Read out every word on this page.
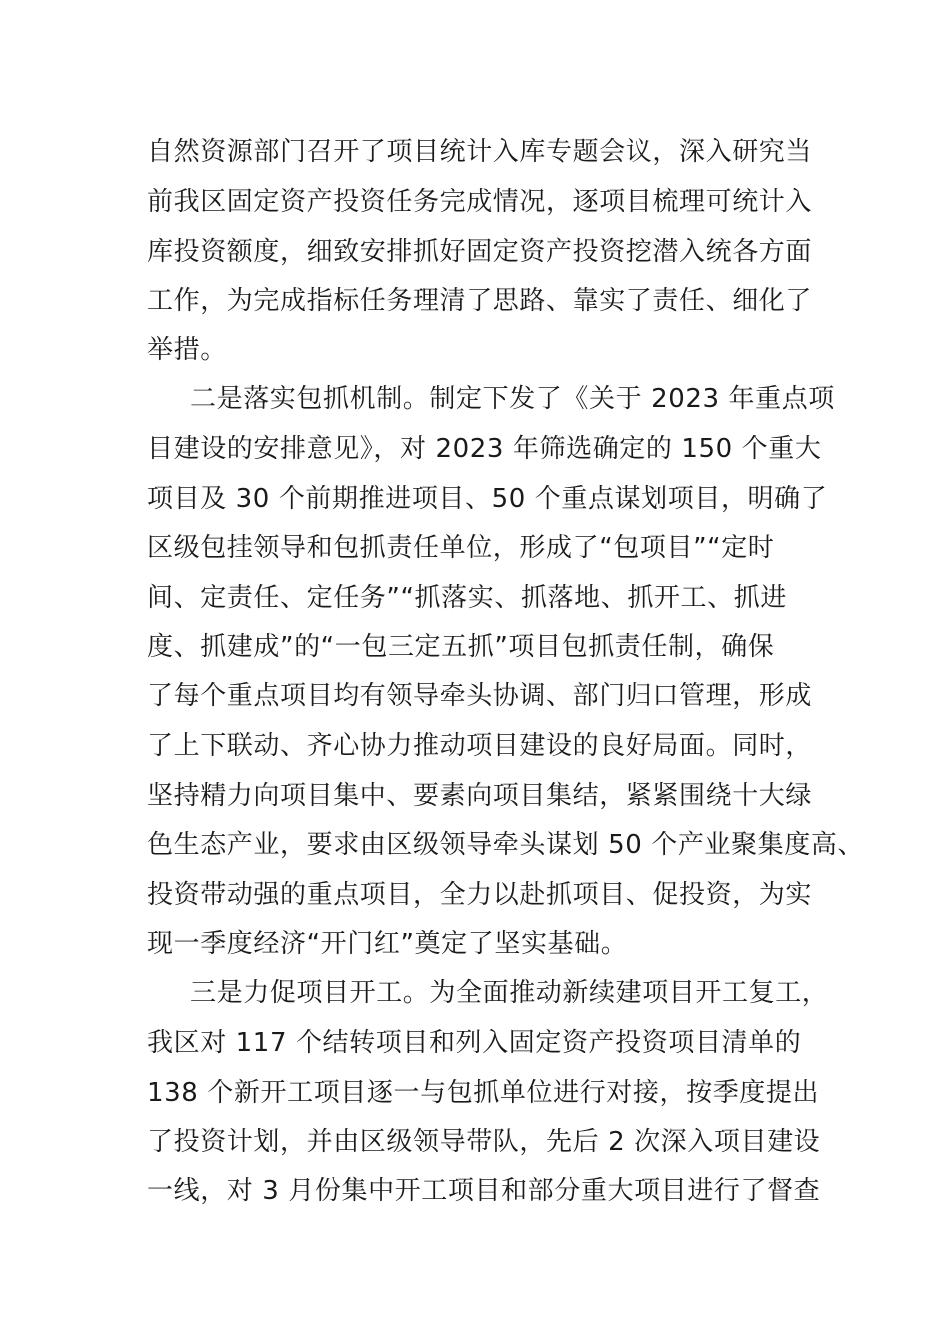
自然资源部门召开了项目统计入库专题会议，深入研究当
前我区固定资产投资任务完成情况，逐项目梳理可统计入
库投资额度，细致安排抓好固定资产投资挖潜入统各方面
工作，为完成指标任务理清了思路、靠实了责任、细化了
举措。
二是落实包抓机制。制定下发了《关于 2023 年重点项
目建设的安排意见》，对 2023 年筛选确定的 150 个重大
项目及 30 个前期推进项目、50 个重点谋划项目，明确了
区级包挂领导和包抓责任单位，形成了“包项目”“定时
间、定责任、定任务”“抓落实、抓落地、抓开工、抓进
度、抓建成”的“一包三定五抓”项目包抓责任制，确保
了每个重点项目均有领导牵头协调、部门归口管理，形成
了上下联动、齐心协力推动项目建设的良好局面。同时，
坚持精力向项目集中、要素向项目集结，紧紧围绕十大绿
色生态产业，要求由区级领导牵头谋划 50 个产业聚集度高、
投资带动强的重点项目，全力以赴抓项目、促投资，为实
现一季度经济“开门红”奠定了坚实基础。
三是力促项目开工。为全面推动新续建项目开工复工，
我区对 117 个结转项目和列入固定资产投资项目清单的
138 个新开工项目逐一与包抓单位进行对接，按季度提出
了投资计划，并由区级领导带队，先后 2 次深入项目建设
一线，对 3 月份集中开工项目和部分重大项目进行了督查
